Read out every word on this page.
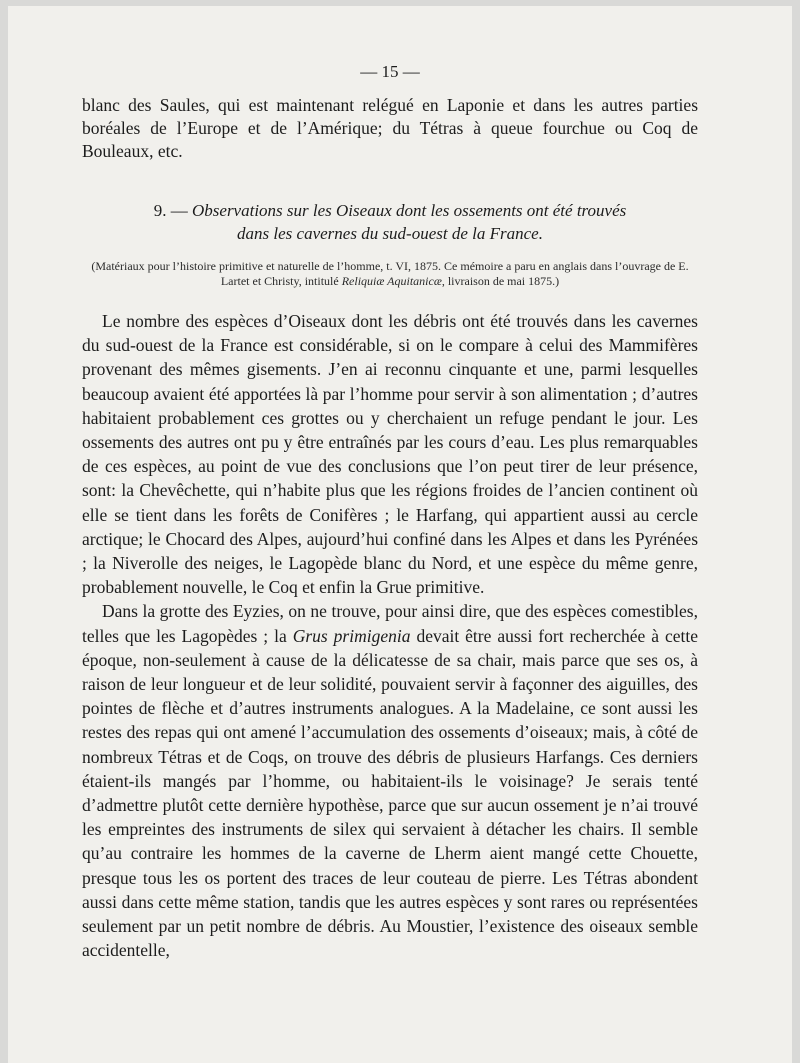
— 15 —

blanc des Saules, qui est maintenant relégué en Laponie et dans les autres parties boréales de l’Europe et de l’Amérique; du Tétras à queue fourchue ou Coq de Bouleaux, etc.

9. — Observations sur les Oiseaux dont les ossements ont été trouvés
dans les cavernes du sud-ouest de la France.
(Matériaux pour l’histoire primitive et naturelle de l’homme, t. VI, 1875. Ce mémoire a paru en anglais dans l’ouvrage de E. Lartet et Christy, intitulé Reliquiæ Aquitanicæ, livraison de mai 1875.)

Le nombre des espèces d’Oiseaux dont les débris ont été trouvés dans les cavernes du sud-ouest de la France est considérable, si on le compare à celui des Mammifères provenant des mêmes gisements. J’en ai reconnu cinquante et une, parmi lesquelles beaucoup avaient été apportées là par l’homme pour servir à son alimentation ; d’autres habitaient probablement ces grottes ou y cherchaient un refuge pendant le jour. Les ossements des autres ont pu y être entraînés par les cours d’eau. Les plus remarquables de ces espèces, au point de vue des conclusions que l’on peut tirer de leur présence, sont: la Chevêchette, qui n’habite plus que les régions froides de l’ancien continent où elle se tient dans les forêts de Conifères ; le Harfang, qui appartient aussi au cercle arctique; le Chocard des Alpes, aujourd’hui confiné dans les Alpes et dans les Pyrénées ; la Niverolle des neiges, le Lagopède blanc du Nord, et une espèce du même genre, probablement nouvelle, le Coq et enfin la Grue primitive.

Dans la grotte des Eyzies, on ne trouve, pour ainsi dire, que des espèces comestibles, telles que les Lagopèdes ; la Grus primigenia devait être aussi fort recherchée à cette époque, non-seulement à cause de la délicatesse de sa chair, mais parce que ses os, à raison de leur longueur et de leur solidité, pouvaient servir à façonner des aiguilles, des pointes de flèche et d’autres instruments analogues. A la Madelaine, ce sont aussi les restes des repas qui ont amené l’accumulation des ossements d’oiseaux; mais, à côté de nombreux Tétras et de Coqs, on trouve des débris de plusieurs Harfangs. Ces derniers étaient-ils mangés par l’homme, ou habitaient-ils le voisinage? Je serais tenté d’admettre plutôt cette dernière hypothèse, parce que sur aucun ossement je n’ai trouvé les empreintes des instruments de silex qui servaient à détacher les chairs. Il semble qu’au contraire les hommes de la caverne de Lherm aient mangé cette Chouette, presque tous les os portent des traces de leur couteau de pierre. Les Tétras abondent aussi dans cette même station, tandis que les autres espèces y sont rares ou représentées seulement par un petit nombre de débris. Au Moustier, l’existence des oiseaux semble accidentelle,
